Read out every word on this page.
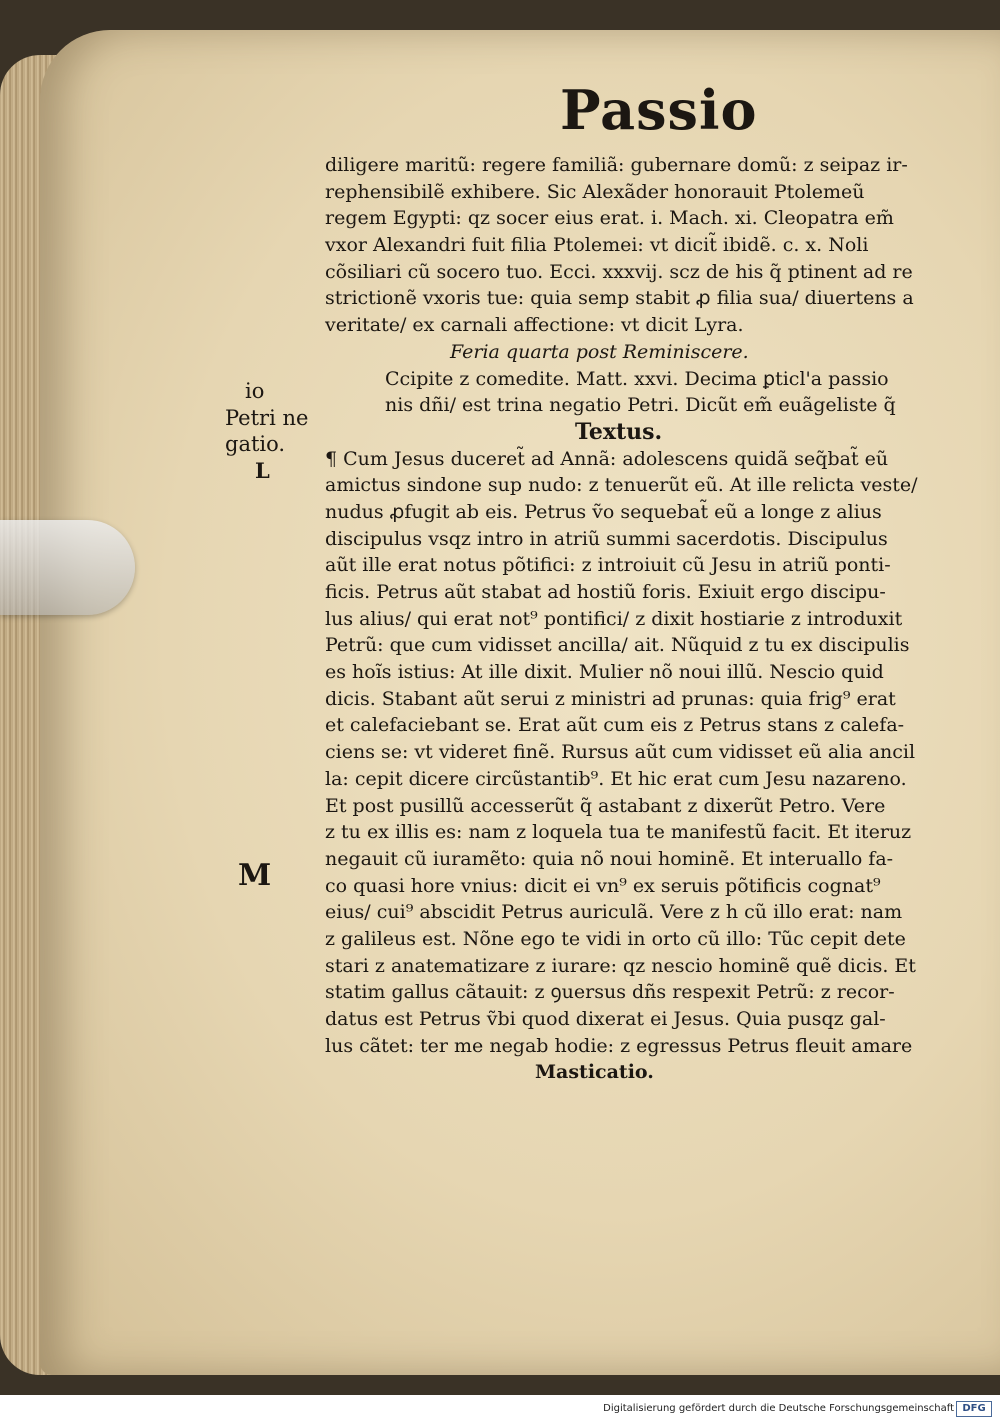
Passio
io
Petri ne
gatio.
L
M
diligere maritũ: regere familiã: gubernare domũ: z seipaz ir-
rephensibilẽ exhibere. Sic Alexãder honorauit Ptolemeũ
regem Egypti: qz socer eius erat. i. Mach. xi. Cleopatra em̃
vxor Alexandri fuit filia Ptolemei: vt dicit̃ ibidẽ. c. x. Noli
cõsiliari cũ socero tuo. Ecci. xxxvij. scz de his q̃ ptinent ad re
strictionẽ vxoris tue: quia semp stabit ꝓ filia sua/ diuertens a
veritate/ ex carnali affectione: vt dicit Lyra.
Feria quarta post Reminiscere.
Ccipite z comedite. Matt. xxvi. Decima ꝑticl'a passio
nis dñi/ est trina negatio Petri. Dicũt em̃ euãgeliste q̃
Textus.
¶ Cum Jesus duceret̃ ad Annã: adolescens quidã seq̃bat̃ eũ
amictus sindone sup nudo: z tenuerũt eũ. At ille relicta veste/
nudus ꝓfugit ab eis. Petrus ṽo sequebat̃ eũ a longe z alius
discipulus vsqz intro in atriũ summi sacerdotis. Discipulus
aũt ille erat notus põtifici: z introiuit cũ Jesu in atriũ ponti-
ficis. Petrus aũt stabat ad hostiũ foris. Exiuit ergo discipu-
lus alius/ qui erat not⁹ pontifici/ z dixit hostiarie z introduxit
Petrũ: que cum vidisset ancilla/ ait. Nũquid z tu ex discipulis
es hoĩs istius: At ille dixit. Mulier nõ noui illũ. Nescio quid
dicis. Stabant aũt serui z ministri ad prunas: quia frig⁹ erat
et calefaciebant se. Erat aũt cum eis z Petrus stans z calefa-
ciens se: vt videret finẽ. Rursus aũt cum vidisset eũ alia ancil
la: cepit dicere circũstantib⁹. Et hic erat cum Jesu nazareno.
Et post pusillũ accesserũt q̃ astabant z dixerũt Petro. Vere
z tu ex illis es: nam z loquela tua te manifestũ facit. Et iteruz
negauit cũ iuramẽto: quia nõ noui hominẽ. Et interuallo fa-
co quasi hore vnius: dicit ei vn⁹ ex seruis põtificis cognat⁹
eius/ cui⁹ abscidit Petrus auriculã. Vere z h cũ illo erat: nam
z galileus est. Nõne ego te vidi in orto cũ illo: Tũc cepit dete
stari z anatematizare z iurare: qz nescio hominẽ quẽ dicis. Et
statim gallus cãtauit: z ꝯuersus dñs respexit Petrũ: z recor-
datus est Petrus ṽbi quod dixerat ei Jesus. Quia pusqz gal-
lus cãtet: ter me negab hodie: z egressus Petrus fleuit amare
Masticatio.
Digitalisierung gefördert durch die Deutsche Forschungsgemeinschaft DFG
